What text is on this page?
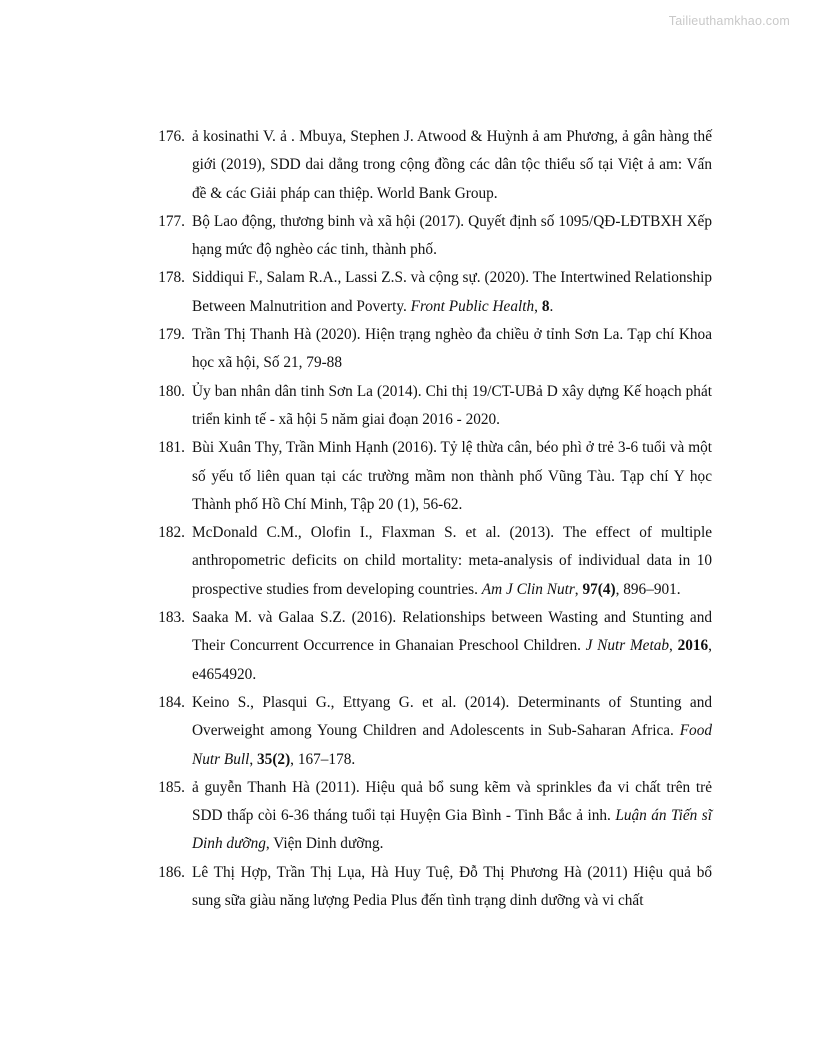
Tailieuthamkhao.com
176. ả kosinathi V. ả . Mbuya, Stephen J. Atwood & Huỳnh ả am Phương, ả gân hàng thế giới (2019), SDD dai dẳng trong cộng đồng các dân tộc thiểu số tại Việt ả am: Vấn đề & các Giải pháp can thiệp. World Bank Group.
177. Bộ Lao động, thương binh và xã hội (2017). Quyết định số 1095/QĐ-LĐTBXH Xếp hạng mức độ nghèo các tinh, thành phố.
178. Siddiqui F., Salam R.A., Lassi Z.S. và cộng sự. (2020). The Intertwined Relationship Between Malnutrition and Poverty. Front Public Health, 8.
179. Trần Thị Thanh Hà (2020). Hiện trạng nghèo đa chiều ở tỉnh Sơn La. Tạp chí Khoa học xã hội, Số 21, 79-88
180. Ủy ban nhân dân tinh Sơn La (2014). Chi thị 19/CT-UBả D xây dựng Kế hoạch phát triển kinh tế - xã hội 5 năm giai đoạn 2016 - 2020.
181. Bùi Xuân Thy, Trần Minh Hạnh (2016). Tỷ lệ thừa cân, béo phì ở trẻ 3-6 tuổi và một số yếu tố liên quan tại các trường mầm non thành phố Vũng Tàu. Tạp chí Y học Thành phố Hồ Chí Minh, Tập 20 (1), 56-62.
182. McDonald C.M., Olofin I., Flaxman S. et al. (2013). The effect of multiple anthropometric deficits on child mortality: meta-analysis of individual data in 10 prospective studies from developing countries. Am J Clin Nutr, 97(4), 896–901.
183. Saaka M. và Galaa S.Z. (2016). Relationships between Wasting and Stunting and Their Concurrent Occurrence in Ghanaian Preschool Children. J Nutr Metab, 2016, e4654920.
184. Keino S., Plasqui G., Ettyang G. et al. (2014). Determinants of Stunting and Overweight among Young Children and Adolescents in Sub-Saharan Africa. Food Nutr Bull, 35(2), 167–178.
185. ả guyễn Thanh Hà (2011). Hiệu quả bổ sung kẽm và sprinkles đa vi chất trên trẻ SDD thấp còi 6-36 tháng tuổi tại Huyện Gia Bình - Tinh Bắc ả inh. Luận án Tiến sĩ Dinh dưỡng, Viện Dinh dưỡng.
186. Lê Thị Hợp, Trần Thị Lụa, Hà Huy Tuệ, Đỗ Thị Phương Hà (2011) Hiệu quả bổ sung sữa giàu năng lượng Pedia Plus đến tình trạng dinh dưỡng và vi chất
